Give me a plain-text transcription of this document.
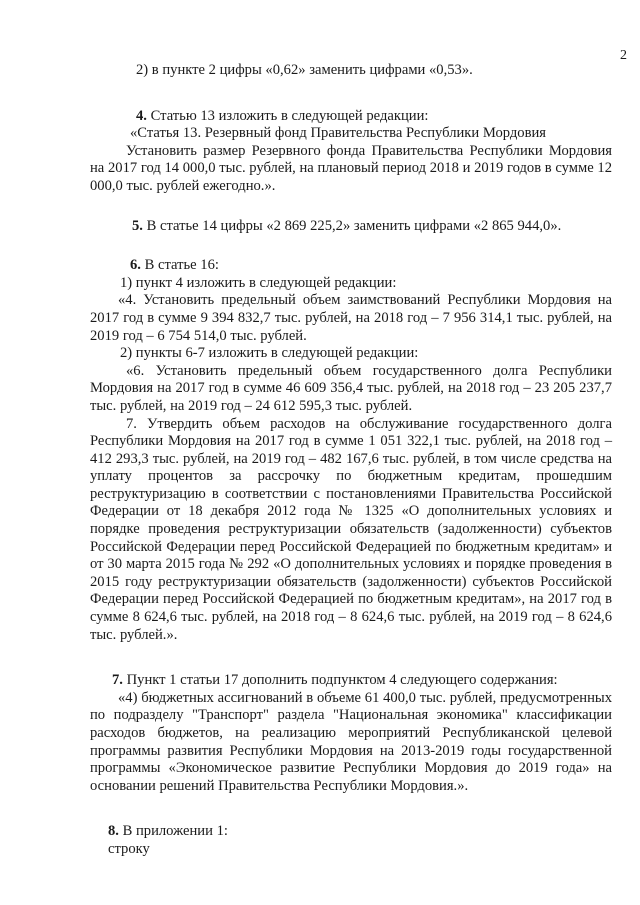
2

2) в пункте 2 цифры «0,62» заменить цифрами «0,53».

4. Статью 13 изложить в следующей редакции:

«Статья 13. Резервный фонд Правительства Республики Мордовия

Установить размер Резервного фонда Правительства Республики Мордовия на 2017 год 14 000,0 тыс. рублей, на плановый период 2018 и 2019 годов в сумме 12 000,0 тыс. рублей ежегодно.».

5. В статье 14 цифры «2 869 225,2» заменить цифрами «2 865 944,0».

6. В статье 16:

1) пункт 4 изложить в следующей редакции:

«4. Установить предельный объем заимствований Республики Мордовия на 2017 год в сумме 9 394 832,7 тыс. рублей, на 2018 год – 7 956 314,1 тыс. рублей, на 2019 год – 6 754 514,0 тыс. рублей.

2) пункты 6-7 изложить в следующей редакции:

«6. Установить предельный объем государственного долга Республики Мордовия на 2017 год в сумме 46 609 356,4 тыс. рублей, на 2018 год – 23 205 237,7 тыс. рублей, на 2019 год – 24 612 595,3 тыс. рублей.

7. Утвердить объем расходов на обслуживание государственного долга Республики Мордовия на 2017 год в сумме 1 051 322,1 тыс. рублей, на 2018 год – 412 293,3 тыс. рублей, на 2019 год – 482 167,6 тыс. рублей, в том числе средства на уплату процентов за рассрочку по бюджетным кредитам, прошедшим реструктуризацию в соответствии с постановлениями Правительства Российской Федерации от 18 декабря 2012 года № 1325 «О дополнительных условиях и порядке проведения реструктуризации обязательств (задолженности) субъектов Российской Федерации перед Российской Федерацией по бюджетным кредитам» и от 30 марта 2015 года № 292 «О дополнительных условиях и порядке проведения в 2015 году реструктуризации обязательств (задолженности) субъектов Российской Федерации перед Российской Федерацией по бюджетным кредитам», на 2017 год в сумме 8 624,6 тыс. рублей, на 2018 год – 8 624,6 тыс. рублей, на 2019 год – 8 624,6 тыс. рублей.».

7. Пункт 1 статьи 17 дополнить подпунктом 4 следующего содержания:

«4) бюджетных ассигнований в объеме 61 400,0 тыс. рублей, предусмотренных по подразделу "Транспорт" раздела "Национальная экономика" классификации расходов бюджетов, на реализацию мероприятий Республиканской целевой программы развития Республики Мордовия на 2013-2019 годы государственной программы «Экономическое развитие Республики Мордовия до 2019 года» на основании решений Правительства Республики Мордовия.».

8. В приложении 1:

строку
